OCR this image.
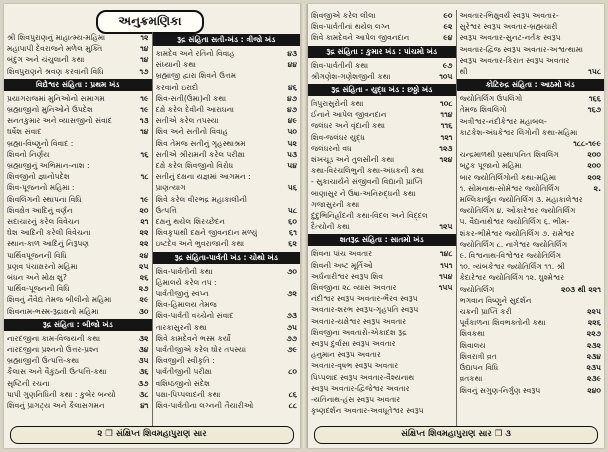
અનુક્રમણિકા
શ્રી શિવપુરાણનું માહાત્મ્ય-મહિમા	૧૨
મહાપાપી દેવરાજને મળેલ મુક્તિ	૧૪
બંદુગ અને ચંચુલાની કથા	૧૪
શિવપુરાણને શ્રવણ કરવાની વિધિ	૧૭
વિદ્યેશ્વર સંહિતા : પ્રથમ ખંડ
પ્રયાગરાજમાં મુનિઓનો સમાગમ	૧૯
બ્રહ્માજીનો મુનિઓને ઉપદેશ	૧૯
સનતકુમાર અને વ્યાસજીનો સંવાદ	૧૩
ઘર્ષેશ સંવાદ	૧૪
બ્રહ્મા-વિષ્ણુનો વિવાદ :
શિવનો નિર્ણય	૧૬
બ્રહ્માજીનું અભિમાન-નાશ :
શિવજીનો જ્ઞાનોપદેશ	૧૮
શિવ-પૂજનનો મહિમા :
શિવલિંગની સ્થાપના વિધિ	૧૯
શિવક્ષેત્ર આદિનું વર્ણન	૨૦
સદાચારનું કરેલ વિવેચન	૨૧
ઘેશ આદિની કરેલી વિવેચના	૨૨
સ્થાન-કાળ આદિનું નિરૂપણ	૨૨
પાર્થિવપૂજનની વિધિ	૨૪
પ્રણવ પંચાક્ષરનો મહિમા	૨૫
બંધન અને મોક્ષ શું?	૨૬
પાર્થિવ-પૂજનની વિધિ	૨૭
શિવનું નૈવેદ્ય તેમજ બીલીનો મહિમા	૨૯
શિવનામ-ભસ્મ-રૂદ્રાક્ષનો મહિમા	૩૦
રૂદ્ર સંહિતા : બીજો ખંડ
નારદજીના કામ-વિજયની કથા	૩૨
નારદજીના પ્રશ્નનો ઉત્તર-પ્રશ્ન	૩૪
બ્રહ્માજીની ઉત્પત્તિ-કથા	૩૫
કૈલાસ અને વૈકુંઠની ઉત્પત્તિ-કથા	૩૬
સૃષ્ટિની રચના	૩૭
પાપી ગુણનિધિની કથા : કુબેર બન્યો	૩૮
શિવનું પ્રાગટ્ય અને કૈલાસગમન	૪૧
રૂદ્ર સંહિતા સતી-ખંડ : ત્રીજો ખંડ
કામદેવ અને રતિનો વિવાહ	૪૩
સંધ્યાની કથા	૪૪
બ્રહ્માજી દ્વારા શિવને ઉત્તમ
કરવાનો ઇરાદો	૪૬
શિવ-સતી(ઉમા)ની કથા	૪૭
દક્ષે કરેલ દેવીની આરાધના	૪૭
સતીએ કરેલ તપસ્યા	૪૯
શિવ અને સતીનો વિવાહ	૫૦
શિવ તેમજ સતીનું ગૃહસ્થાશ્રમ	૫૨
સતીએ શ્રીરામની કરેલ પરીક્ષા	૫૩
દક્ષે કરેલ શિવજીનો વિરોધ	૫૪
સતીનું દક્ષના યજ્ઞમાં આગમન :
પ્રાણત્યાગ	૫૬
શિવે કરેલ વીરભદ્ર મહાકાલીની
ઉત્પત્તિ	૫૮
દક્ષનું થયેલ શિરચ્છેદન	૬૦
શિવકૃપાથી દક્ષને જીવનદાન મળ્યું	૬૧
ઇષ્ટદેવ અને ભુવરાજાની કથા	૬૨
રૂદ્ર સંહિતા-પાર્વતી ખંડ : ચોથો ખંડ
શિવ-પાર્વતીની કથા	૭૦
હિમાલયે કરેલ તપ :
પાર્વતીજીનું સ્વપ્ન	૭૨
શિવ-હિમાલય તેમજ
શિવ-પાર્વતી વચ્ચેનો સંવાદ	૭૩
તારકાસુરની કથા	૭૫
શિવે કામદેવને ભસ્મ કર્યો	૭૭
પાર્વતીજીએ કરેલ ઘોર તપસ્યા	૭૯
શિવજીની સ્વીકૃતિ :
પાર્વતીજીની પરીક્ષા	૮૦
વશિષ્ઠજીનો સંદેશ
પક્ષા-પિપ્પલાદની કથા	૮૬
શિવ-પાર્વતીના લગ્નની તૈયારીઓ	૮૮
૨ ❒ સંક્ષિપ્ત શિવમહાપુરાણ સાર
શિવજીએ કરેલ લીલા	૯૦
શિવ-પાર્વતીનાં થયેલ લગ્ન	૯૨
શિવે કામદેવને આપેલ જીવનદાન	૯૪
રૂદ્ર સંહિતા : કુમાર ખંડ : પાંચમો ખંડ
શિવ-પાર્વતીની કથા	૯૭
શ્રીગણેશ-ગણેશજીની કથા	૧૦૫
રૂદ્ર સંહિતા - યુદ્ધ ખંડ : છઠ્ઠો ખંડ
ત્રિપુરાસુરોની કથા	૧૦૮
ઈનાને આપેલ જીવનદાન	૧૧૪
જલંધર અને વૃંદાની કથા	૧૧૬
શિવ-જલંધર યુદ્ધ	૧૨૧
જલંધરનો વધ	૧૨૩
શંખચૂડ અને તુલસીની કથા	૧૨૪
કથા-વિરંચલિભુની કથા-અંધકની કથા
- સુકાચાર્યને સંજીવની વિદ્યાની પ્રાપ્તિ
બાણાસુર ને ઉષા-અનિરુદ્ધની કથા
ગજાસુરની કથા
દુંદુભિનિર્હ્રાદની કથા-વિદલ અને વિદ્દલ
દૈત્યોની કથા	૧૨૫
શતરૂદ્ર સંહિતા : સાતમો ખંડ
શિવના પાંચ અવતાર	૧૪૮
શિવની અષ્ટ મૂર્તિઓ	૧૫૧
અર્ધનારીશ્વર સ્વરૂપ શિવ	૧૫૪
શિવજીના ૨૮ વ્યાસ અવતાર	૧૫૫
નંદીશ્વર સ્વરૂપ અવતાર-ભૈરવ સ્વરૂપ
અવતાર-શરભ સ્વરૂપ-ગૃહપતિ સ્વરૂપ
અવતાર-યક્ષેશ્વર સ્વરૂપ અવતાર
શિવજીના અવતારો-એકાદશ રૂદ્ર
સ્વરૂપ દુર્વાસા સ્વરૂપ અવતાર
હનુમાન સ્વરૂપ અવતાર
અવતાર-વૃષભ સ્વરૂપ અવતાર
પિપ્પલાદ સ્વરૂપ અવતાર-વૈશ્યનાથ
સ્વરૂપ અવતાર-દ્વિજેશ્વર અવતાર
-યતિનાથ-હંસ સ્વરૂપ અવતાર
કૃષ્ણદર્શન અવતાર-અવધૂતેશ્વર સ્વરૂપ
અવતાર-ભિક્ષુવર્ય સ્વરૂપ અવતાર-
સુરેશ્વર સ્વરૂપ અવતાર-બ્રહ્મચારી
સ્વરૂપ અવતાર-સુનટ-નર્તક સ્વરૂપ
અવતાર-દ્વિજ સ્વરૂપ અવતાર-અશ્વત્થામા
સ્વરૂપ અવતાર-કિરાત સ્વરૂપ અવતાર
થી	૧૫૮
કોટિરુદ્ર સંહિતા : આઠમો ખંડ
જ્યોતિર્લિંગ ઉપલિંગો	૧૬૬
તેમજ શિવલિંગો	૧૬૭
અત્રીશ્વર-નંદીકેશ્વર મહાબલ-
કાટકેશ-અંધકેશ્વર લિંગોની કથા-મહિમા
૧૮૮-૧૯૯
ચન્દ્રમાળથી પ્રસ્થાપનિત શિવલિંગ	૨૦૦
બટુક પૂજાનો મહિમા	૨૦૦
બાર જ્યોતિર્લિંગોની કથા-મહિમા	૨૦૨
૧. સોમનાથ-સોમેશ્વર જ્યોતિર્લિંગ	૨.
મલ્લિકાર્જુન જ્યોતિર્લિંગ ૩. મહાકાલેશ્વર
જ્યોતિર્લિંગ ૪. ઓંકારેશ્વર જ્યોતિર્લિંગ
૫. વૈદ્યનાથેશ્વર જ્યોતિર્લિંગ ૬. ભીમ-
શંકર-ભીમેશ્વર જ્યોતિર્લિંગ ૭. રામેશ્વર
જ્યોતિર્લિંગ ૮. નાગેશ્વર જ્યોતિર્લિંગ
૯. વિશ્વનાથ-વિશ્વેશ્વર જ્યોતિર્લિંગ
૧૦. ત્ર્યંબકેશ્વર જ્યોતિર્લિંગ ૧૧. શ્રી
કેદારેશ્વર જ્યોતિર્લિંગ ૧૨. ઘુશ્મેશ્વર
જ્યોતિર્લિંગ	૨૦૩ થી ૨૨૧
ભગવાન વિષ્ણુને સુદર્શન
ચક્રની પ્રાપ્તિ કરી	૨૨૫
પૂર્વકાળના શિવભક્તોની કથા	૨૨૬
શિવકથા	૨૨૭
શિવાલય	૨૩૨
શિવરાત્રી વ્રત	૨૩૪
ઉદ્યાપન વિધિ	૨૩૫
વ્રતકથા	૨૩૯
શિવનું સગુણ-નિર્ગુણ સ્વરૂપ	૨૪૦
સંક્ષિપ્ત શિવમહાપુરાણ સાર ❒ ૩
